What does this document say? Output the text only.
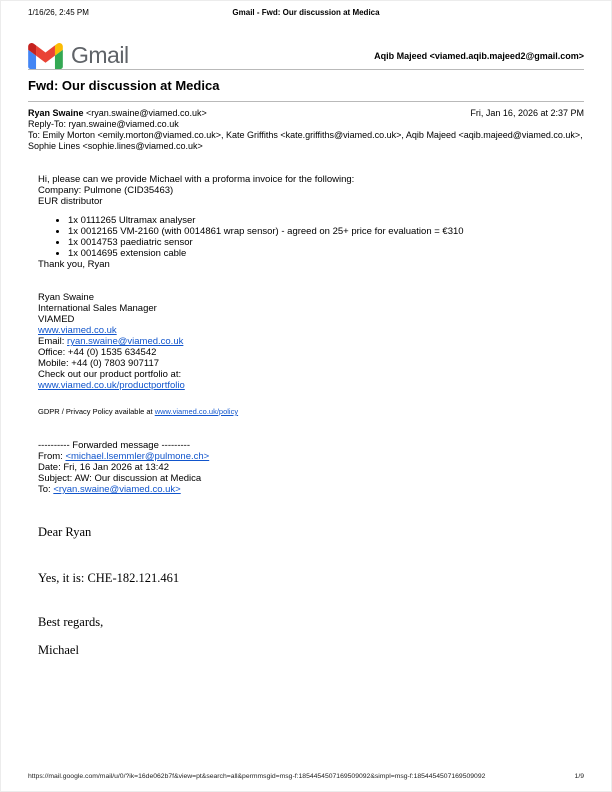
1/16/26, 2:45 PM	Gmail - Fwd: Our discussion at Medica
Gmail	Aqib Majeed <viamed.aqib.majeed2@gmail.com>
Fwd: Our discussion at Medica
Ryan Swaine <ryan.swaine@viamed.co.uk>	Fri, Jan 16, 2026 at 2:37 PM
Reply-To: ryan.swaine@viamed.co.uk
To: Emily Morton <emily.morton@viamed.co.uk>, Kate Griffiths <kate.griffiths@viamed.co.uk>, Aqib Majeed <aqib.majeed@viamed.co.uk>, Sophie Lines <sophie.lines@viamed.co.uk>

Hi, please can we provide Michael with a proforma invoice for the following:

Company: Pulmone (CID35463)

EUR distributor

• 1x 0111265 Ultramax analyser
• 1x 0012165 VM-2160 (with 0014861 wrap sensor) - agreed on 25+ price for evaluation = €310
• 1x 0014753 paediatric sensor
• 1x 0014695 extension cable

Thank you, Ryan

Ryan Swaine

International Sales Manager

VIAMED

www.viamed.co.uk

Email: ryan.swaine@viamed.co.uk

Office: +44 (0) 1535 634542

Mobile: +44 (0) 7803 907117

Check out our product portfolio at:

www.viamed.co.uk/productportfolio

GDPR / Privacy Policy available at www.viamed.co.uk/policy

---------- Forwarded message ---------

From: <michael.lsemmler@pulmone.ch>

Date: Fri, 16 Jan 2026 at 13:42

Subject: AW: Our discussion at Medica

To: <ryan.swaine@viamed.co.uk>

Dear Ryan

Yes, it is: CHE-182.121.461

Best regards,

Michael

https://mail.google.com/mail/u/0/?ik=16de062b7f&view=pt&search=all&permmsgid=msg-f:1854454507169509092&simpl=msg-f:1854454507169509092	1/9
